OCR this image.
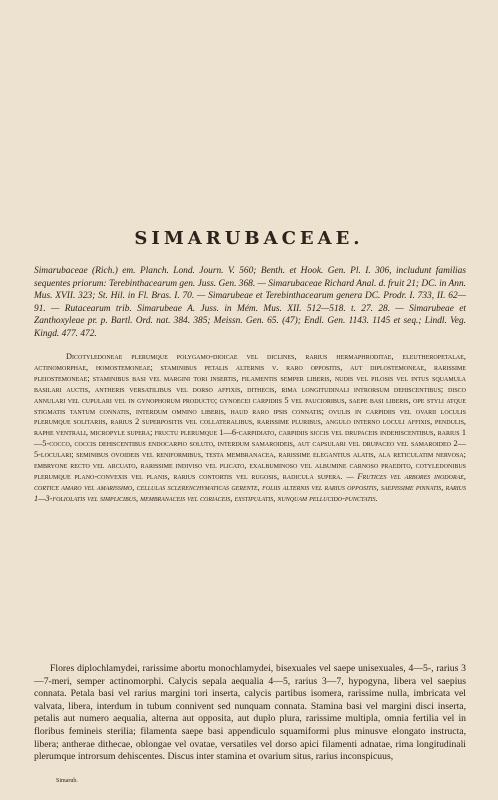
SIMARUBACEAE.

Simarubaceae (Rich.) em. Planch. Lond. Journ. V. 560; Benth. et Hook. Gen. Pl. I. 306, includunt familias sequentes priorum: Terebinthacearum gen. Juss. Gen. 368. — Simarubaceae Richard Anal. d. fruit 21; DC. in Ann. Mus. XVII. 323; St. Hil. in Fl. Bras. I. 70. — Simarubeae et Terebinthacearum genera DC. Prodr. I. 733, II. 62—91. — Rutacearum trib. Simarubeae A. Juss. in Mém. Mus. XII. 512—518. t. 27. 28. — Simarubeae et Zanthoxyleae pr. p. Bartl. Ord. nat. 384. 385; Meissn. Gen. 65. (47); Endl. Gen. 1143. 1145 et seq.; Lindl. Veg. Kingd. 477. 472.

Dicotyledoneae plerumque polygamo-dioicae vel diclines, rarius hermaphroditae, eleutheropetalae, actinomorphae, homostemoneae; staminibus petalis alternis v. raro oppositis, aut diplostemoneae, rarissime pleiostemoneae; staminibus basi vel margini tori insertis, filamentis semper liberis, nudis vel pilosis vel intus squamula basilari auctis, antheris versatilibus vel dorso affixis, dithecis, rima longitudinali introrsum dehiscentibus; disco annulari vel cupulari vel in gynophorum producto; gynoecei carpidiis 5 vel paucioribus, saepe basi liberis, ope styli atque stigmatis tantum connatis, interdum omnino liberis, haud raro ipsis connatis; ovulis in carpidiis vel ovarii loculis plerumque solitariis, rarius 2 superpositis vel collateralibus, rarissime pluribus, angulo interno loculi affixis, pendulis, raphe ventrali, micropyle supera; fructu plerumque 1—6-carpidiato, carpidiis siccis vel drupaceis indehiscentibus, rarius 1—5-cocco, coccis dehiscentibus endocarpio soluto, interdum samaroideis, aut capsulari vel drupaceo vel samaroideo 2—5-loculari; seminibus ovoideis vel reniformibus, testa membranacea, rarissime elegantius alatis, ala reticulatim nervosa; embryone recto vel arcuato, rarissime indiviso vel plicato, exalbuminoso vel albumine carnoso praedito, cotyledonibus plerumque plano-convexis vel planis, rarius contortis vel rugosis, radicula supera. — Frutices vel arbores inodorae, cortice amaro vel amarissimo, cellulas sclerenchymaticas gerente, foliis alternis vel rarius oppositis, saepissime pinnatis, rarius 1—3-foliolatis vel simplicibus, membranaceis vel coriaceis, exstipulatis, nunquam pellucido-punctatis.

Flores diplochlamydei, rarissime abortu monochlamydei, bisexuales vel saepe unisexuales, 4—5-, rarius 3—7-meri, semper actinomorphi. Calycis sepala aequalia 4—5, rarius 3—7, hypogyna, libera vel saepius connata. Petala basi vel rarius margini tori inserta, calycis partibus isomera, rarissime nulla, imbricata vel valvata, libera, interdum in tubum connivent sed nunquam connata. Stamina basi vel margini disci inserta, petalis aut numero aequalia, alterna aut opposita, aut duplo plura, rarissime multipla, omnia fertilia vel in floribus femineis sterilia; filamenta saepe basi appendiculo squamiformi plus minusve elongato instructa, libera; antherae dithecae, oblongae vel ovatae, versatiles vel dorso apici filamenti adnatae, rima longitudinali plerumque introrsum dehiscentes. Discus inter stamina et ovarium situs, rarius inconspicuus,

Simarub.
